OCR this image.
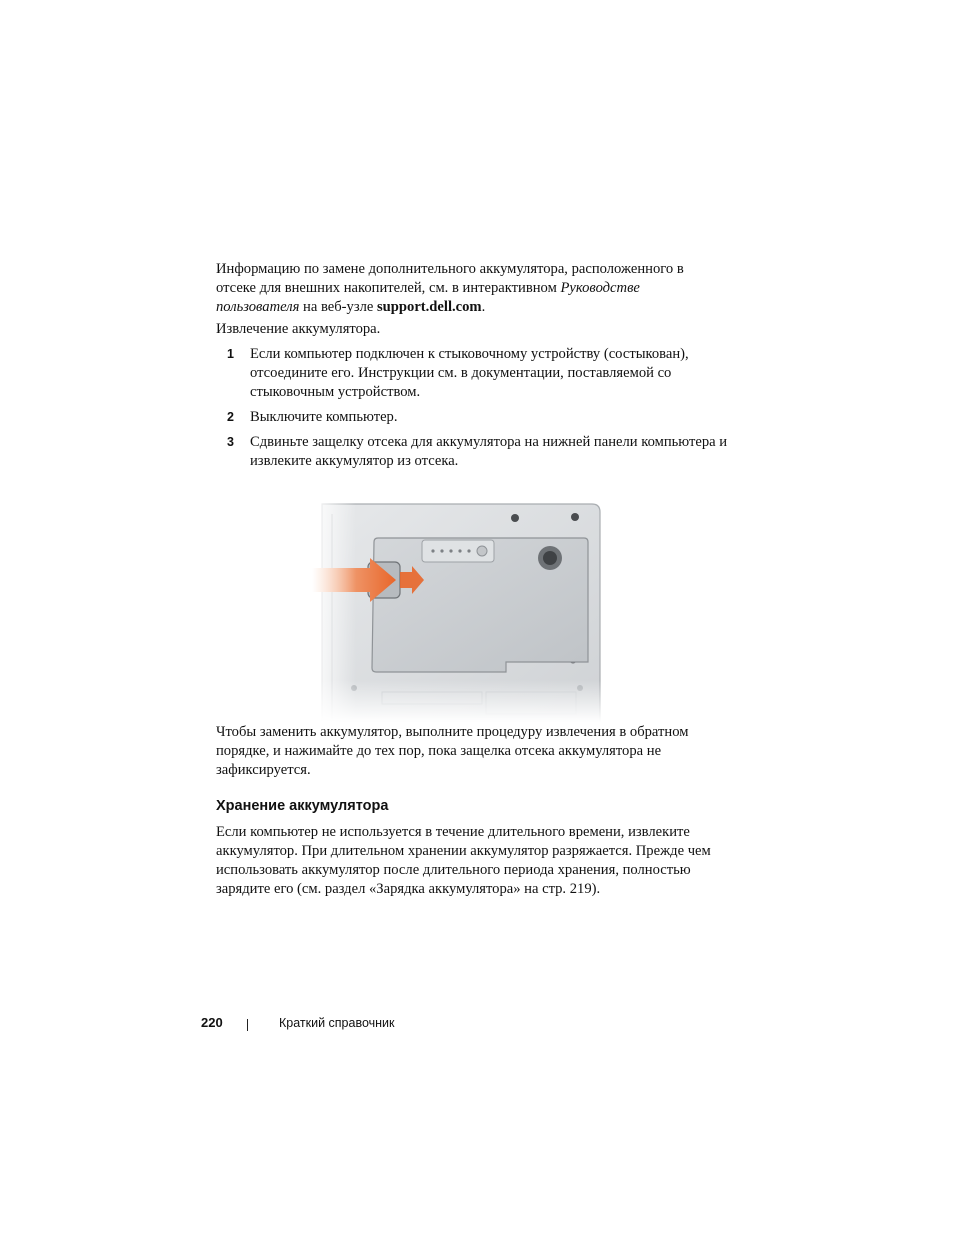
Информацию по замене дополнительного аккумулятора, расположенного в отсеке для внешних накопителей, см. в интерактивном Руководстве пользователя на веб-узле support.dell.com.

Извлечение аккумулятора.

1 Если компьютер подключен к стыковочному устройству (состыкован), отсоедините его. Инструкции см. в документации, поставляемой со стыковочным устройством.

2 Выключите компьютер.

3 Сдвиньте защелку отсека для аккумулятора на нижней панели компьютера и извлеките аккумулятор из отсека.

Чтобы заменить аккумулятор, выполните процедуру извлечения в обратном порядке, и нажимайте до тех пор, пока защелка отсека аккумулятора не зафиксируется.

Хранение аккумулятора

Если компьютер не используется в течение длительного времени, извлеките аккумулятор. При длительном хранении аккумулятор разряжается. Прежде чем использовать аккумулятор после длительного периода хранения, полностью зарядите его (см. раздел «Зарядка аккумулятора» на стр. 219).

220	Краткий справочник
